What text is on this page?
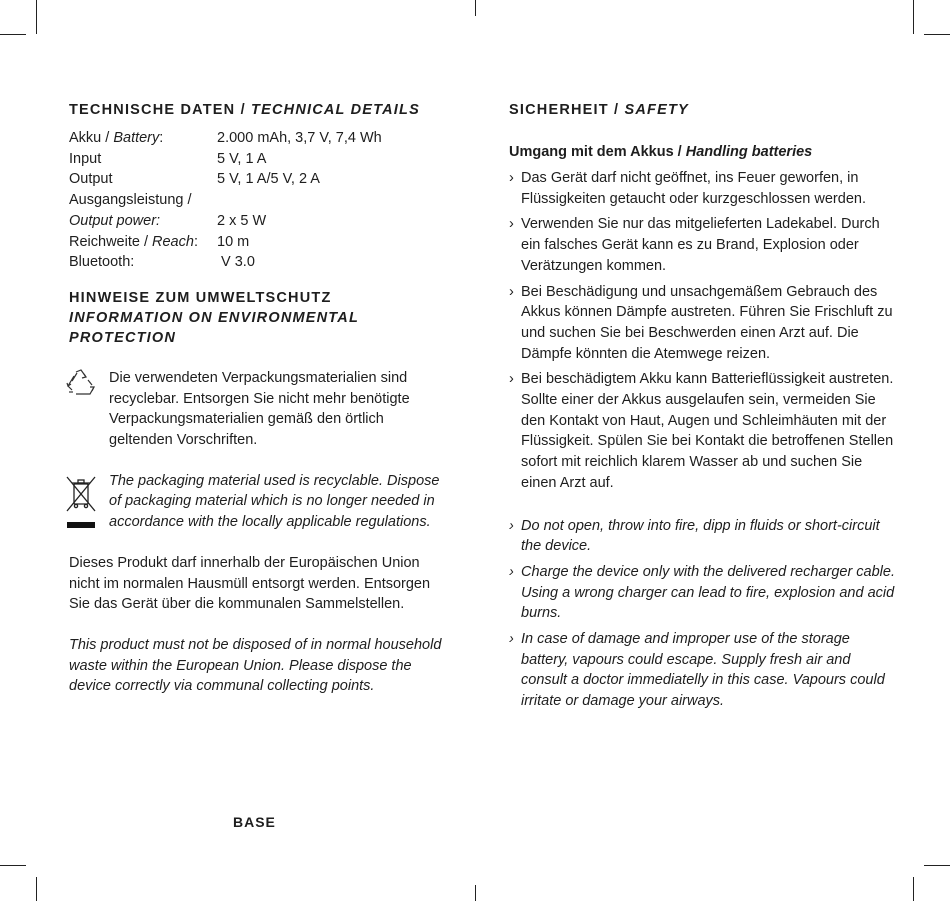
TECHNISCHE DATEN / TECHNICAL DETAILS
Akku / Battery:	2.000 mAh, 3,7 V, 7,4 Wh
Input	5 V, 1 A
Output	5 V, 1 A/5 V, 2 A
Ausgangsleistung /
Output power:	2 x 5 W
Reichweite / Reach:	10 m
Bluetooth:	V 3.0
HINWEISE ZUM UMWELTSCHUTZ
INFORMATION ON ENVIRONMENTAL
PROTECTION

Die verwendeten Verpackungsmaterialien sind recyclebar. Entsorgen Sie nicht mehr benötigte Verpackungsmaterialien gemäß den örtlich geltenden Vorschriften.

The packaging material used is recyclable. Dispose of packaging material which is no longer needed in accordance with the locally applicable regulations.

Dieses Produkt darf innerhalb der Europäischen Union nicht im normalen Hausmüll entsorgt werden. Entsorgen Sie das Gerät über die kommunalen Sammelstellen.

This product must not be disposed of in normal household waste within the European Union. Please dispose the device correctly via communal collecting points.

BASE
SICHERHEIT / SAFETY
Umgang mit dem Akkus / Handling batteries
› Das Gerät darf nicht geöffnet, ins Feuer geworfen, in Flüssigkeiten getaucht oder kurzgeschlossen werden.
› Verwenden Sie nur das mitgelieferten Ladekabel. Durch ein falsches Gerät kann es zu Brand, Explosion oder Verätzungen kommen.
› Bei Beschädigung und unsachgemäßem Gebrauch des Akkus können Dämpfe austreten. Führen Sie Frischluft zu und suchen Sie bei Beschwerden einen Arzt auf. Die Dämpfe könnten die Atemwege reizen.
› Bei beschädigtem Akku kann Batterieflüssigkeit austreten. Sollte einer der Akkus ausgelaufen sein, vermeiden Sie den Kontakt von Haut, Augen und Schleimhäuten mit der Flüssigkeit. Spülen Sie bei Kontakt die betroffenen Stellen sofort mit reichlich klarem Wasser ab und suchen Sie einen Arzt auf.
› Do not open, throw into fire, dipp in fluids or short-circuit the device.
› Charge the device only with the delivered recharger cable. Using a wrong charger can lead to fire, explosion and acid burns.
› In case of damage and improper use of the storage battery, vapours could escape. Supply fresh air and consult a doctor immediatelly in this case. Vapours could irritate or damage your airways.
